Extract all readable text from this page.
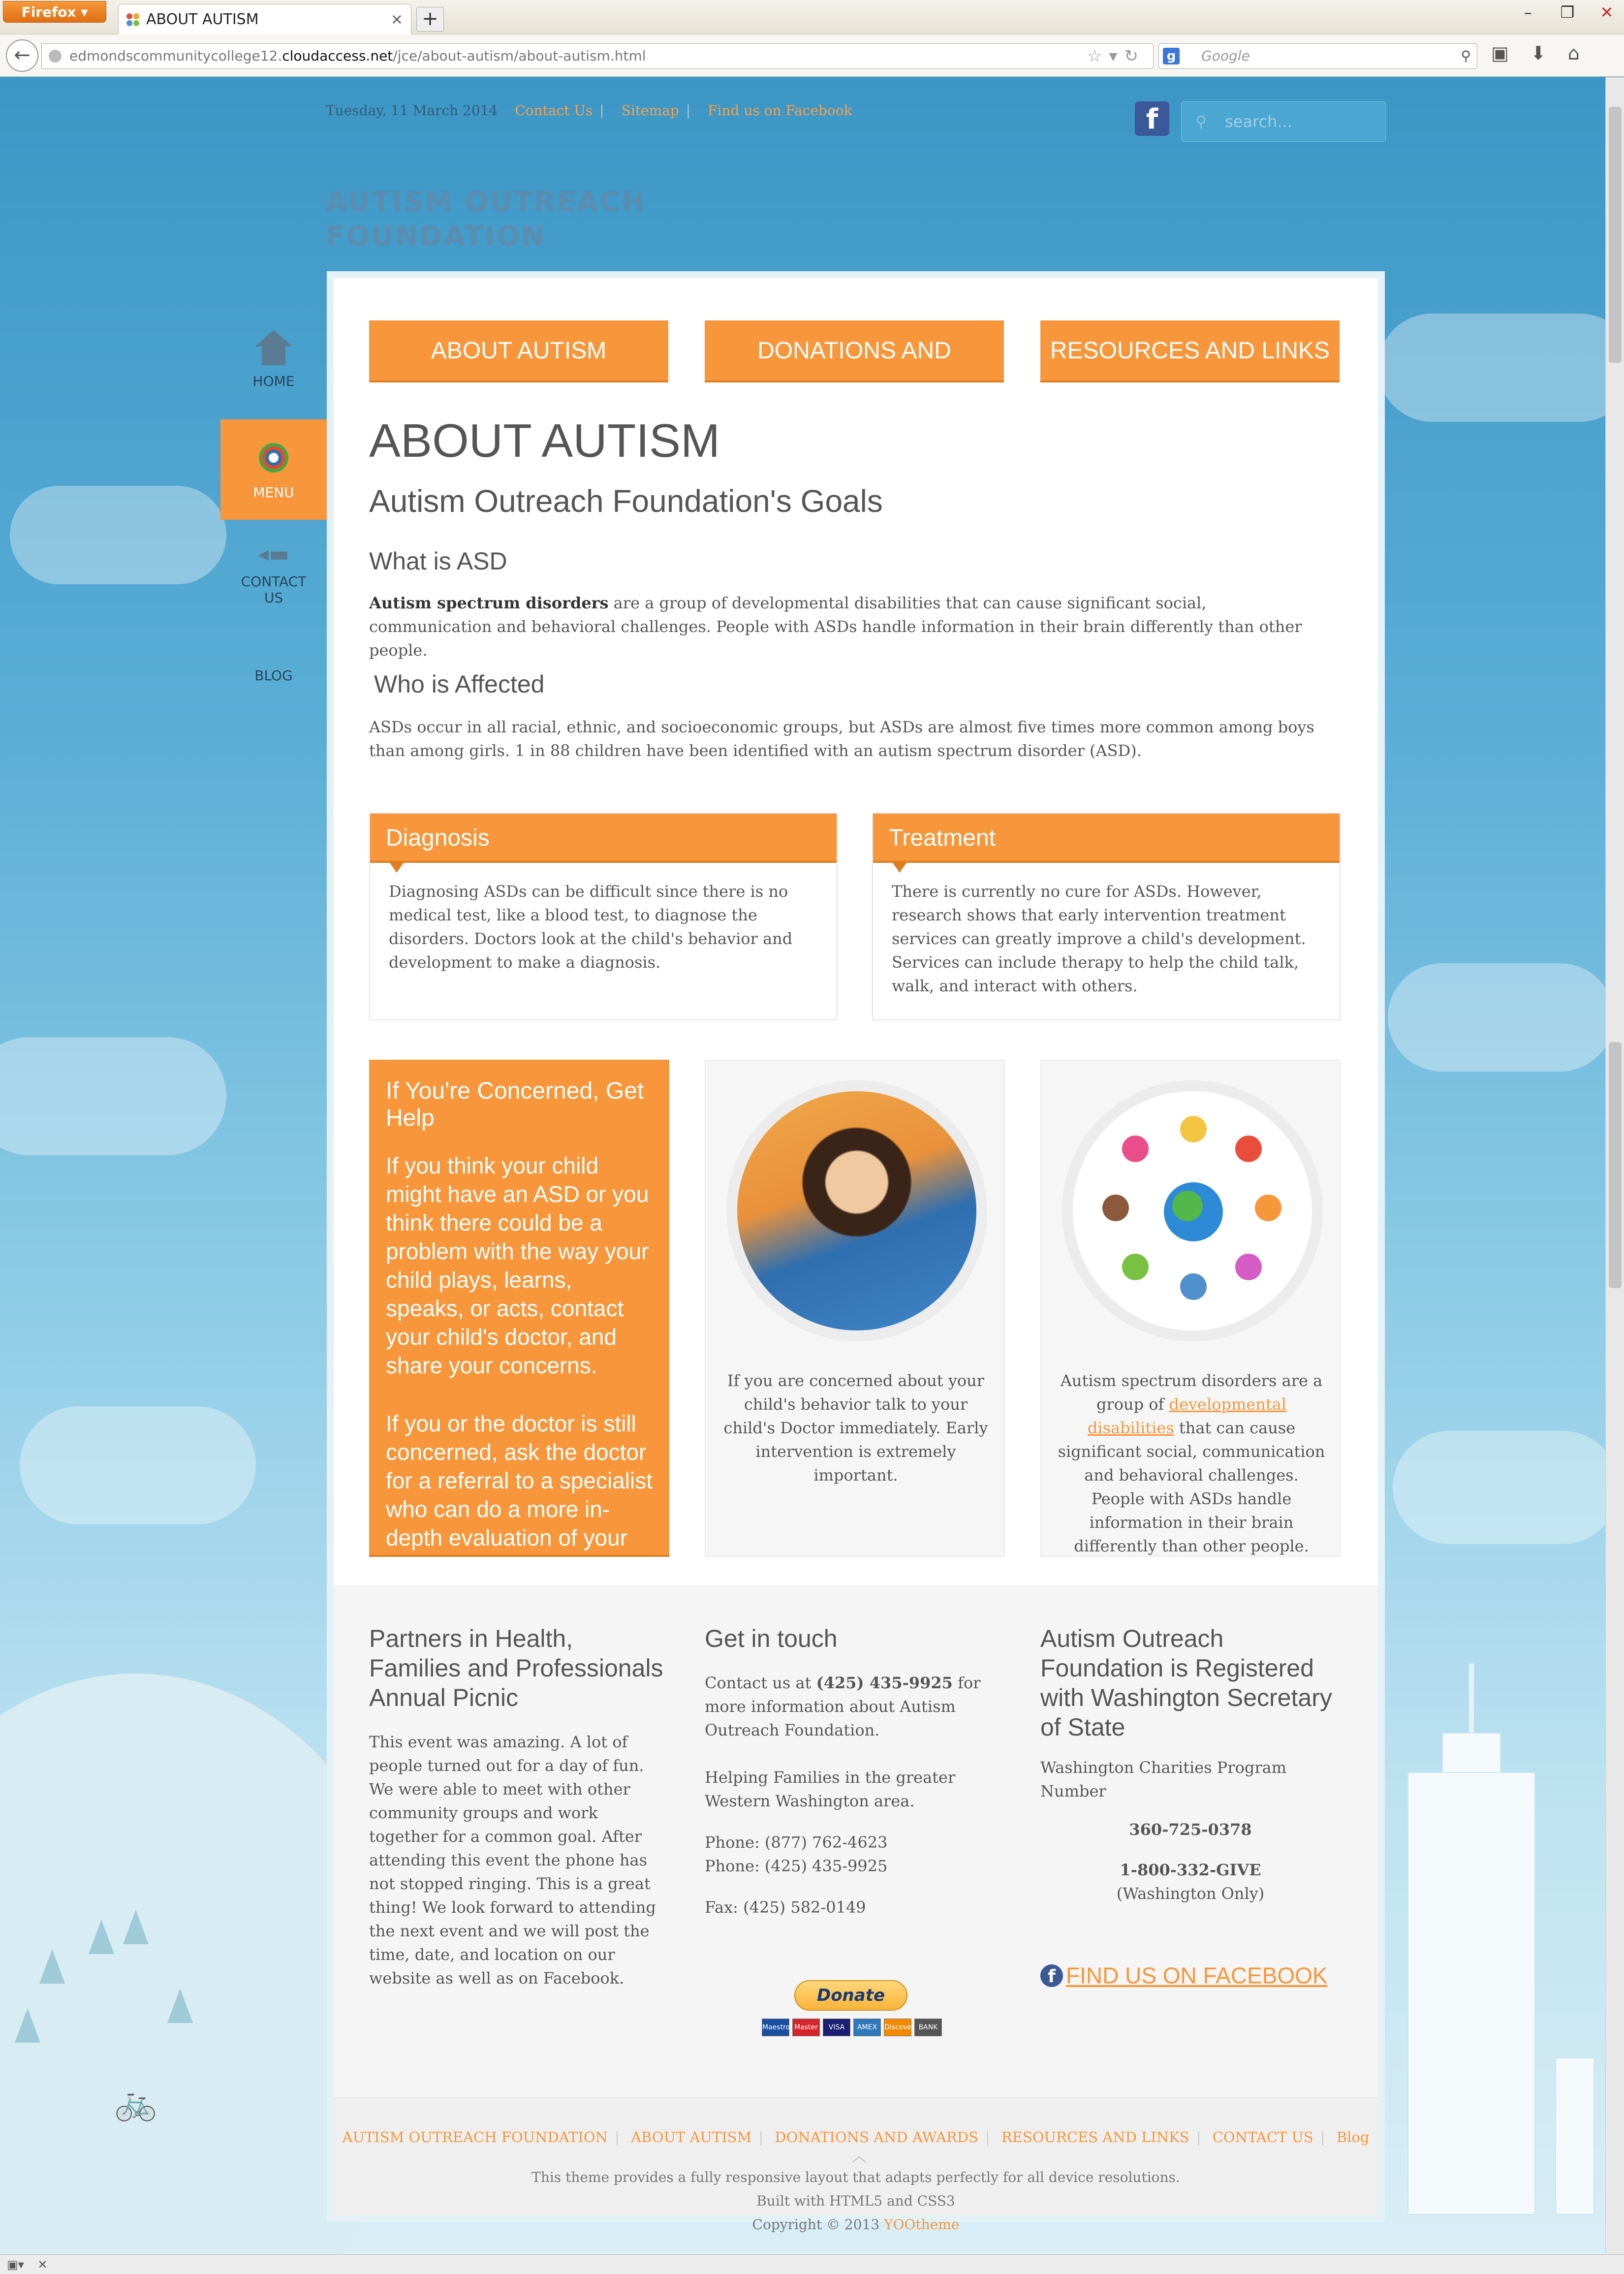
Firefox ▾	ABOUT AUTISM	× +	–	❐	✕
←	edmondscommunitycollege12.cloudaccess.net/jce/about-autism/about-autism.html	☆▾↻ g Google	⚲ ▣ ⬇ ⌂
🚲
Tuesday, 11 March 2014 Contact Us | Sitemap | Find us on Facebook	f	⚲ search...
AUTISM OUTREACH
FOUNDATION
HOME
MENU
◂▬
CONTACT
US
BLOG
ABOUT AUTISM	DONATIONS AND AWARDS
RESOURCES AND LINKS
ABOUT AUTISM
Autism Outreach Foundation's Goals
What is ASD

Autism spectrum disorders are a group of developmental disabilities that can cause significant social, communication and behavioral challenges. People with ASDs handle information in their brain differently than other people.

Who is Affected

ASDs occur in all racial, ethnic, and socioeconomic groups, but ASDs are almost five times more common among boys than among girls. 1 in 88 children have been identified with an autism spectrum disorder (ASD).

Diagnosis
Diagnosing ASDs can be difficult since there is no medical test, like a blood test, to diagnose the disorders. Doctors look at the child's behavior and development to make a diagnosis.
Treatment
There is currently no cure for ASDs. However, research shows that early intervention treatment services can greatly improve a child's development. Services can include therapy to help the child talk, walk, and interact with others.
If You're Concerned, Get Help

If you think your child might have an ASD or you think there could be a problem with the way your child plays, learns, speaks, or acts, contact your child's doctor, and share your concerns.

If you or the doctor is still concerned, ask the doctor for a referral to a specialist who can do a more in-depth evaluation of your child.

If you are concerned about your child's behavior talk to your child's Doctor immediately. Early intervention is extremely important.

Autism spectrum disorders are a group of developmental disabilities that can cause significant social, communication and behavioral challenges. People with ASDs handle information in their brain differently than other people.

Partners in Health, Families and Professionals Annual Picnic

This event was amazing. A lot of people turned out for a day of fun. We were able to meet with other community groups and work together for a common goal. After attending this event the phone has not stopped ringing. This is a great thing! We look forward to attending the next event and we will post the time, date, and location on our website as well as on Facebook.

Get in touch

Contact us at (425) 435-9925 for more information about Autism Outreach Foundation.

Helping Families in the greater Western Washington area.

Phone: (877) 762-4623

Phone: (425) 435-9925

Fax: (425) 582-0149

Autism Outreach Foundation is Registered with Washington Secretary of State

Washington Charities Program Number

360-725-0378

1-800-332-GIVE

(Washington Only)

f FIND US ON FACEBOOK

Donate
Maestro Master	VISA	AMEX	Discover BANK
AUTISM OUTREACH FOUNDATION | ABOUT AUTISM | DONATIONS AND AWARDS | RESOURCES AND LINKS | CONTACT US | Blog ︿

This theme provides a fully responsive layout that adapts perfectly for all device resolutions.

Built with HTML5 and CSS3

Copyright © 2013 YOOtheme

▣▾ ✕
